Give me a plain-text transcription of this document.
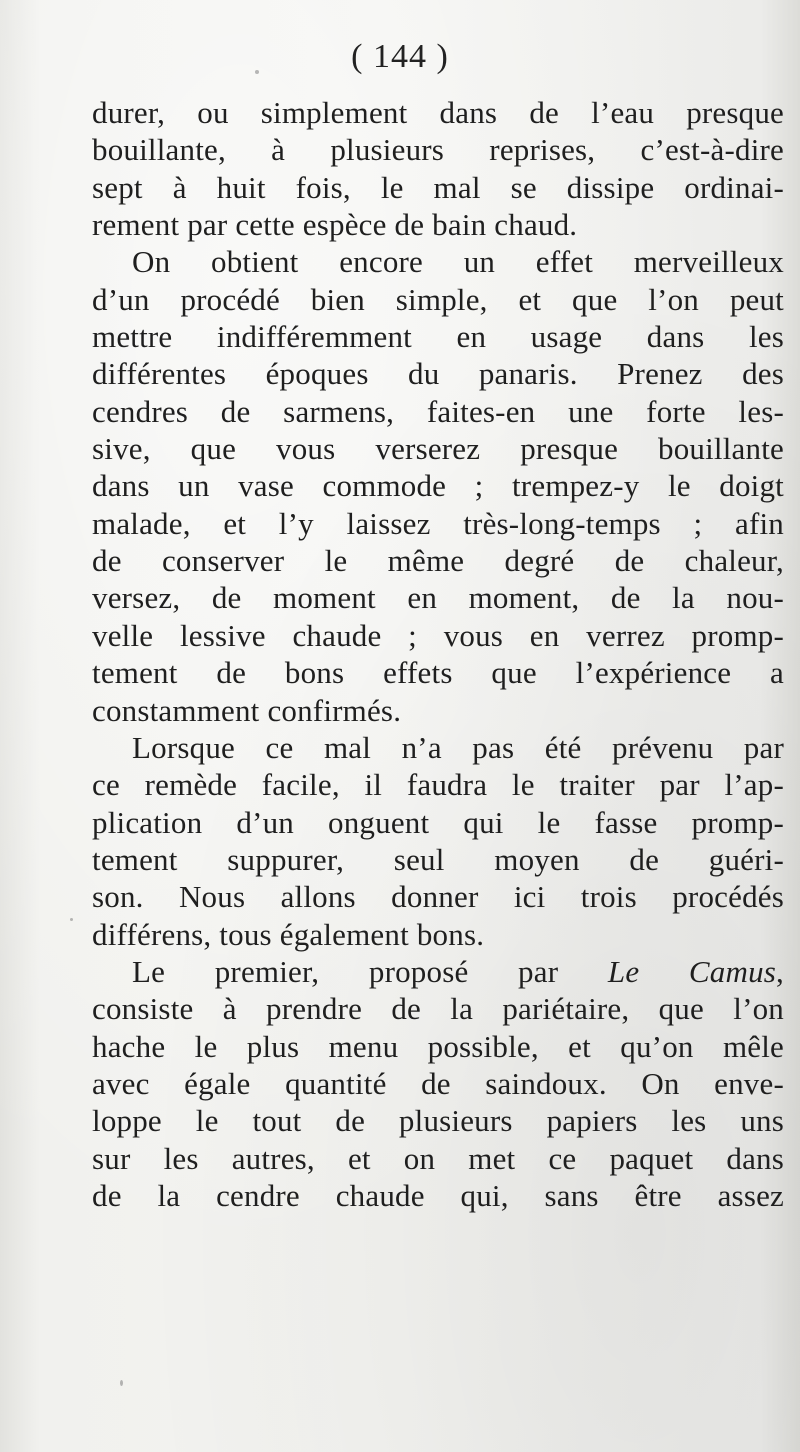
( 144 )
durer, ou simplement dans de l’eau presque
bouillante, à plusieurs reprises, c’est-à-dire
sept à huit fois, le mal se dissipe ordinai-
rement par cette espèce de bain chaud.
On obtient encore un effet merveilleux
d’un procédé bien simple, et que l’on peut
mettre indifféremment en usage dans les
différentes époques du panaris. Prenez des
cendres de sarmens, faites-en une forte les-
sive, que vous verserez presque bouillante
dans un vase commode ; trempez-y le doigt
malade, et l’y laissez très-long-temps ; afin
de conserver le même degré de chaleur,
versez, de moment en moment, de la nou-
velle lessive chaude ; vous en verrez promp-
tement de bons effets que l’expérience a
constamment confirmés.
Lorsque ce mal n’a pas été prévenu par
ce remède facile, il faudra le traiter par l’ap-
plication d’un onguent qui le fasse promp-
tement suppurer, seul moyen de guéri-
son. Nous allons donner ici trois procédés
différens, tous également bons.
Le premier, proposé par Le Camus,
consiste à prendre de la pariétaire, que l’on
hache le plus menu possible, et qu’on mêle
avec égale quantité de saindoux. On enve-
loppe le tout de plusieurs papiers les uns
sur les autres, et on met ce paquet dans
de la cendre chaude qui, sans être assez
